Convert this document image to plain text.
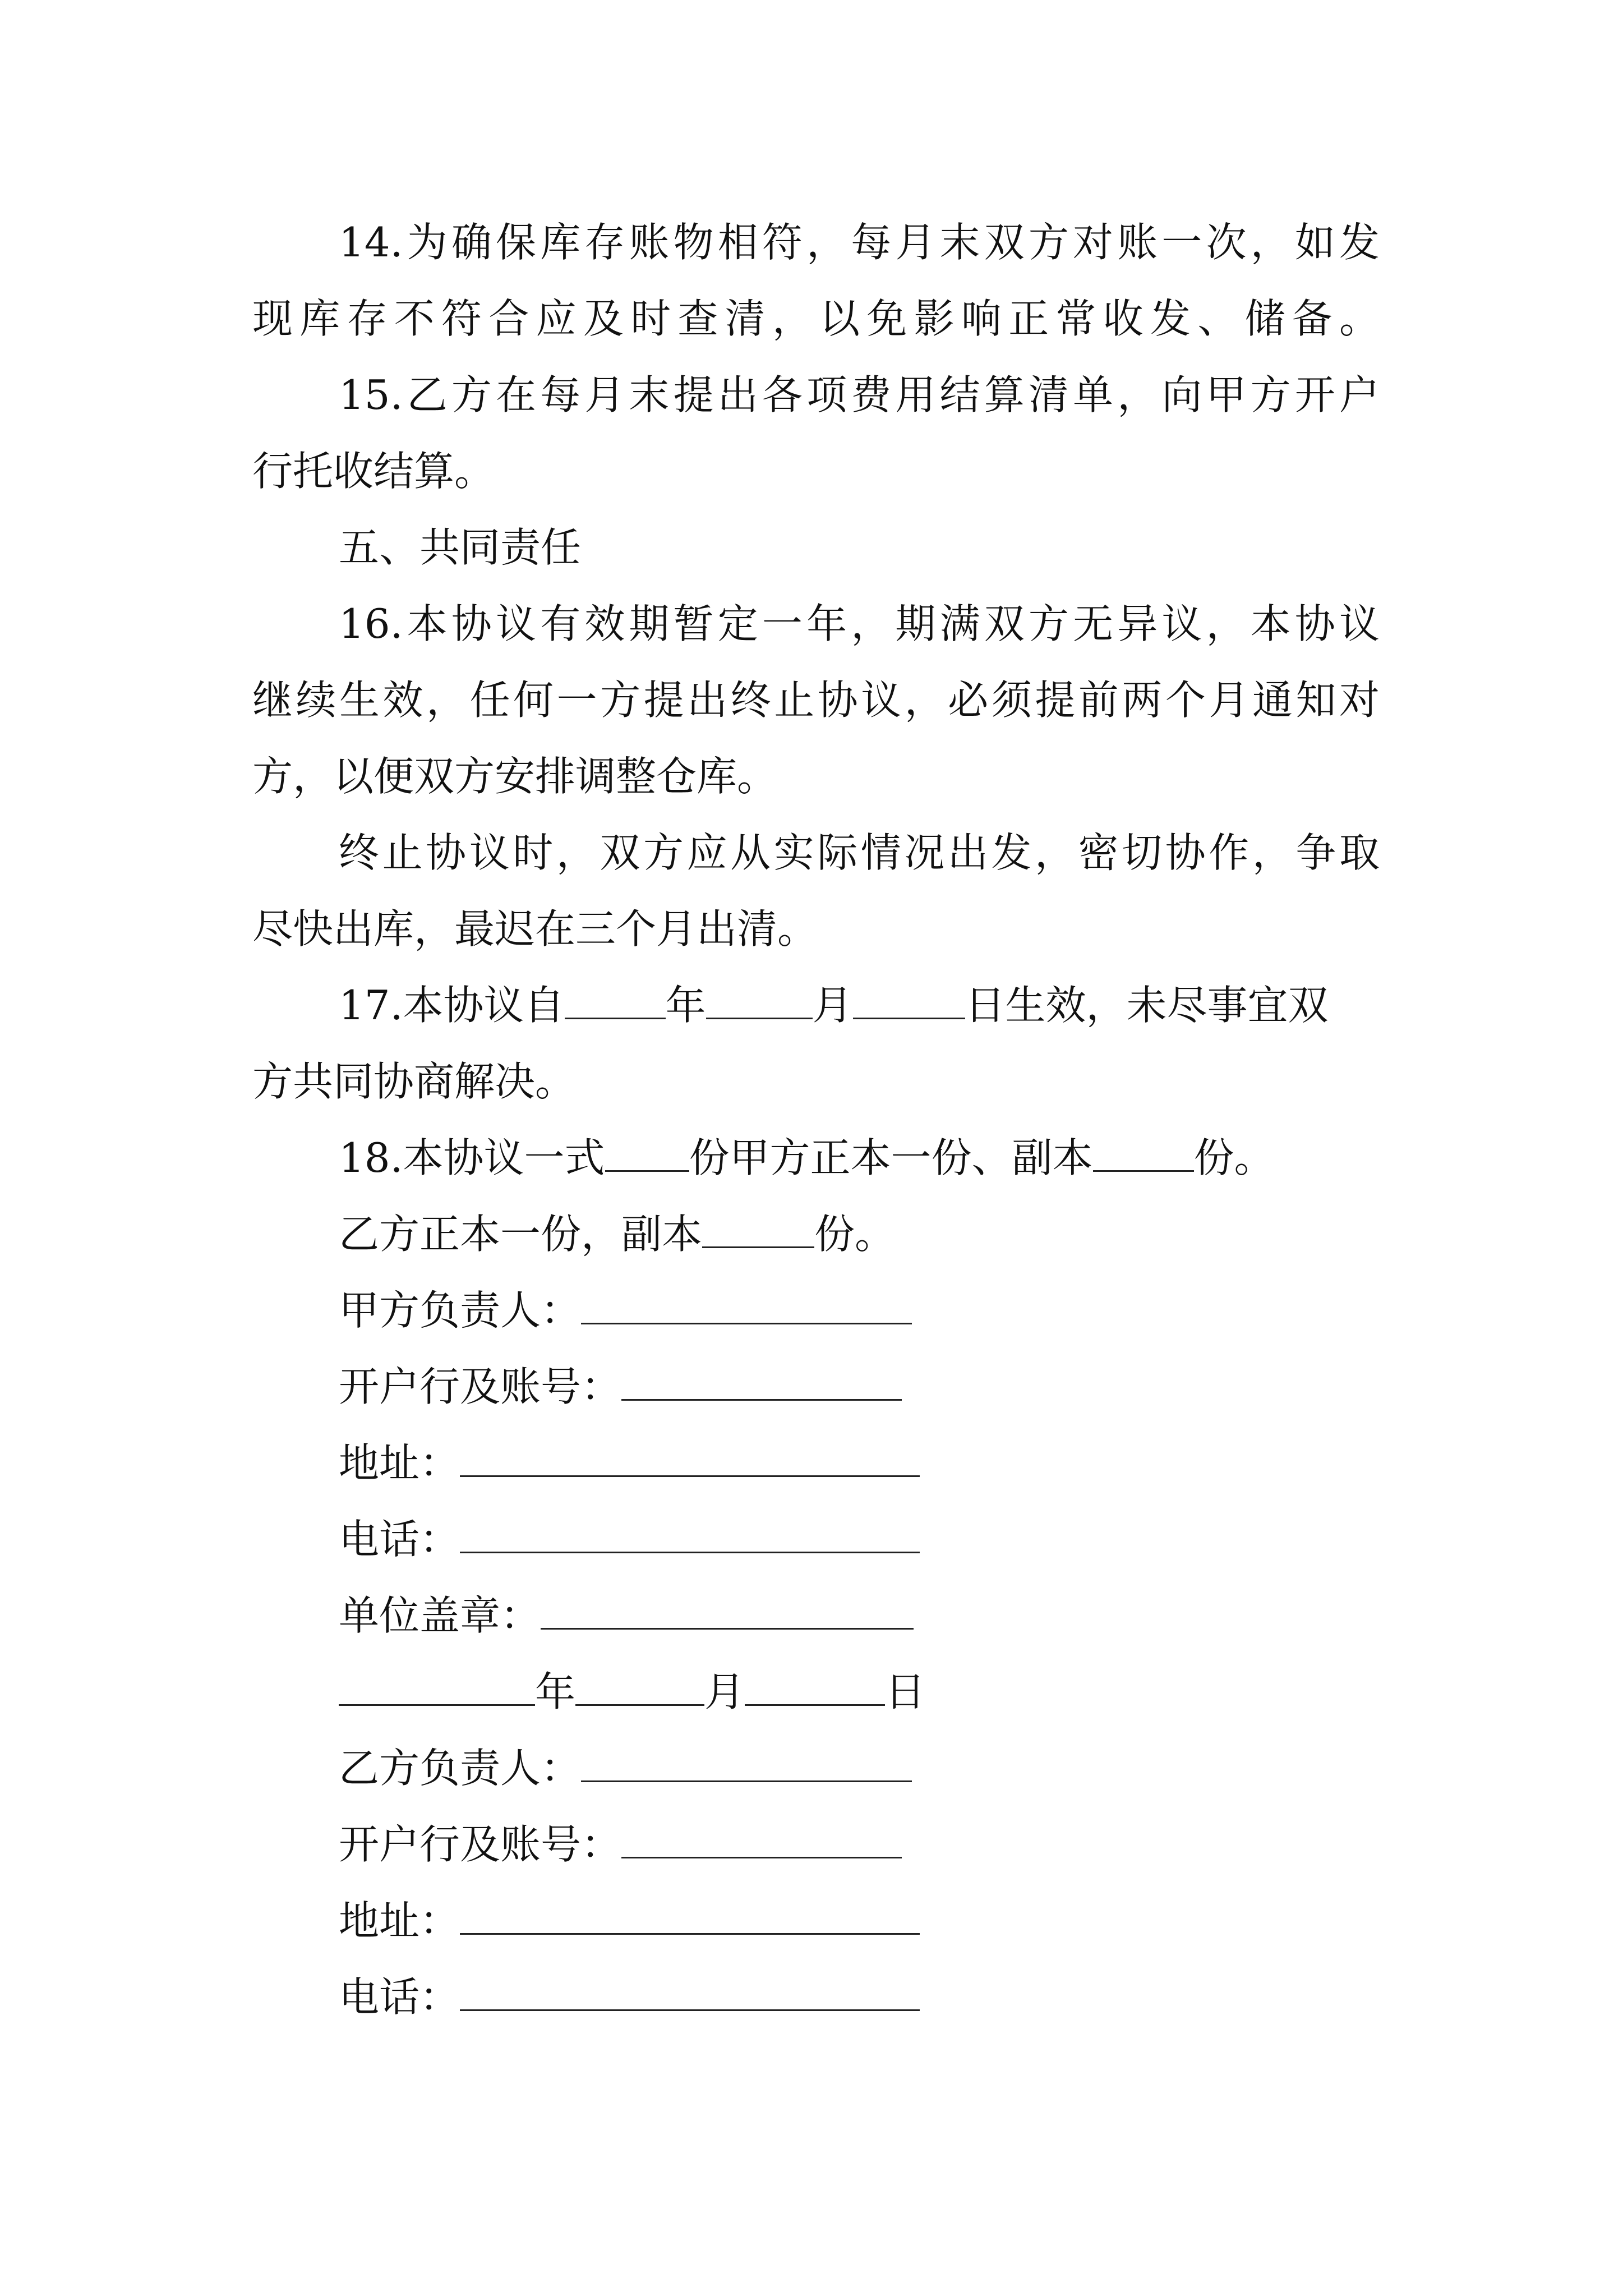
14.为确保库存账物相符，每月末双方对账一次，如发
现库存不符合应及时查清，以免影响正常收发、储备。
15.乙方在每月末提出各项费用结算清单，向甲方开户
行托收结算。
五、共同责任
16.本协议有效期暂定一年，期满双方无异议，本协议
继续生效，任何一方提出终止协议，必须提前两个月通知对
方，以便双方安排调整仓库。
终止协议时，双方应从实际情况出发，密切协作，争取
尽快出库，最迟在三个月出清。
17.本协议自	年	月	日生效，未尽事宜双
方共同协商解决。
18.本协议一式 份甲方正本一份、副本	份。
乙方正本一份，副本	份。
甲方负责人：
开户行及账号：
地址：
电话：
单位盖章：
年	月	日
乙方负责人：
开户行及账号：
地址：
电话：
